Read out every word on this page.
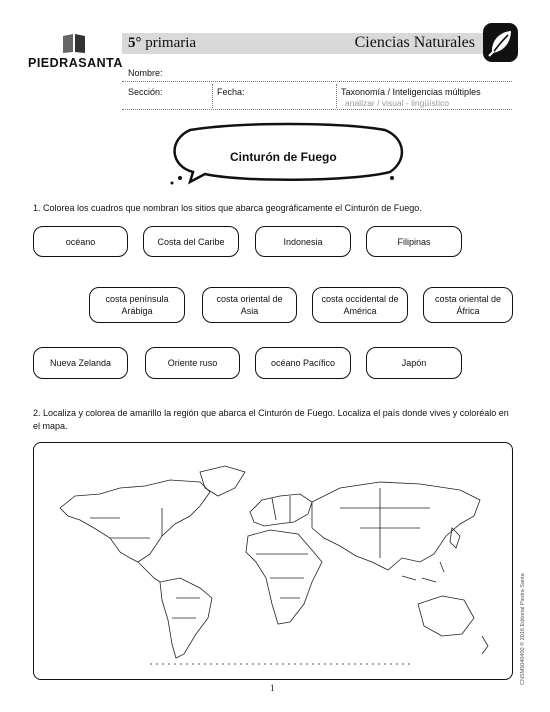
PIEDRASANTA
5° primaria	Ciencias Naturales
Nombre:
Sección:	Fecha:	Taxonomía / Inteligencias múltiples
analizar / visual - lingüístico
Cinturón de Fuego
1. Colorea los cuadros que nombran los sitios que abarca geográficamente el Cinturón de Fuego.
océano	Costa del Caribe	Indonesia	Filipinas
costa península Arábiga
costa oriental de Asia
costa occidental de América
costa oriental de África
Nueva Zelanda	Oriente ruso	océano Pacífico	Japón
2. Localiza y colorea de amarillo la región que abarca el Cinturón de Fuego. Localiza el país donde vives y coloréalo en el mapa.
1
CNSM5040400 © 2016 Editorial Piedra Santa
